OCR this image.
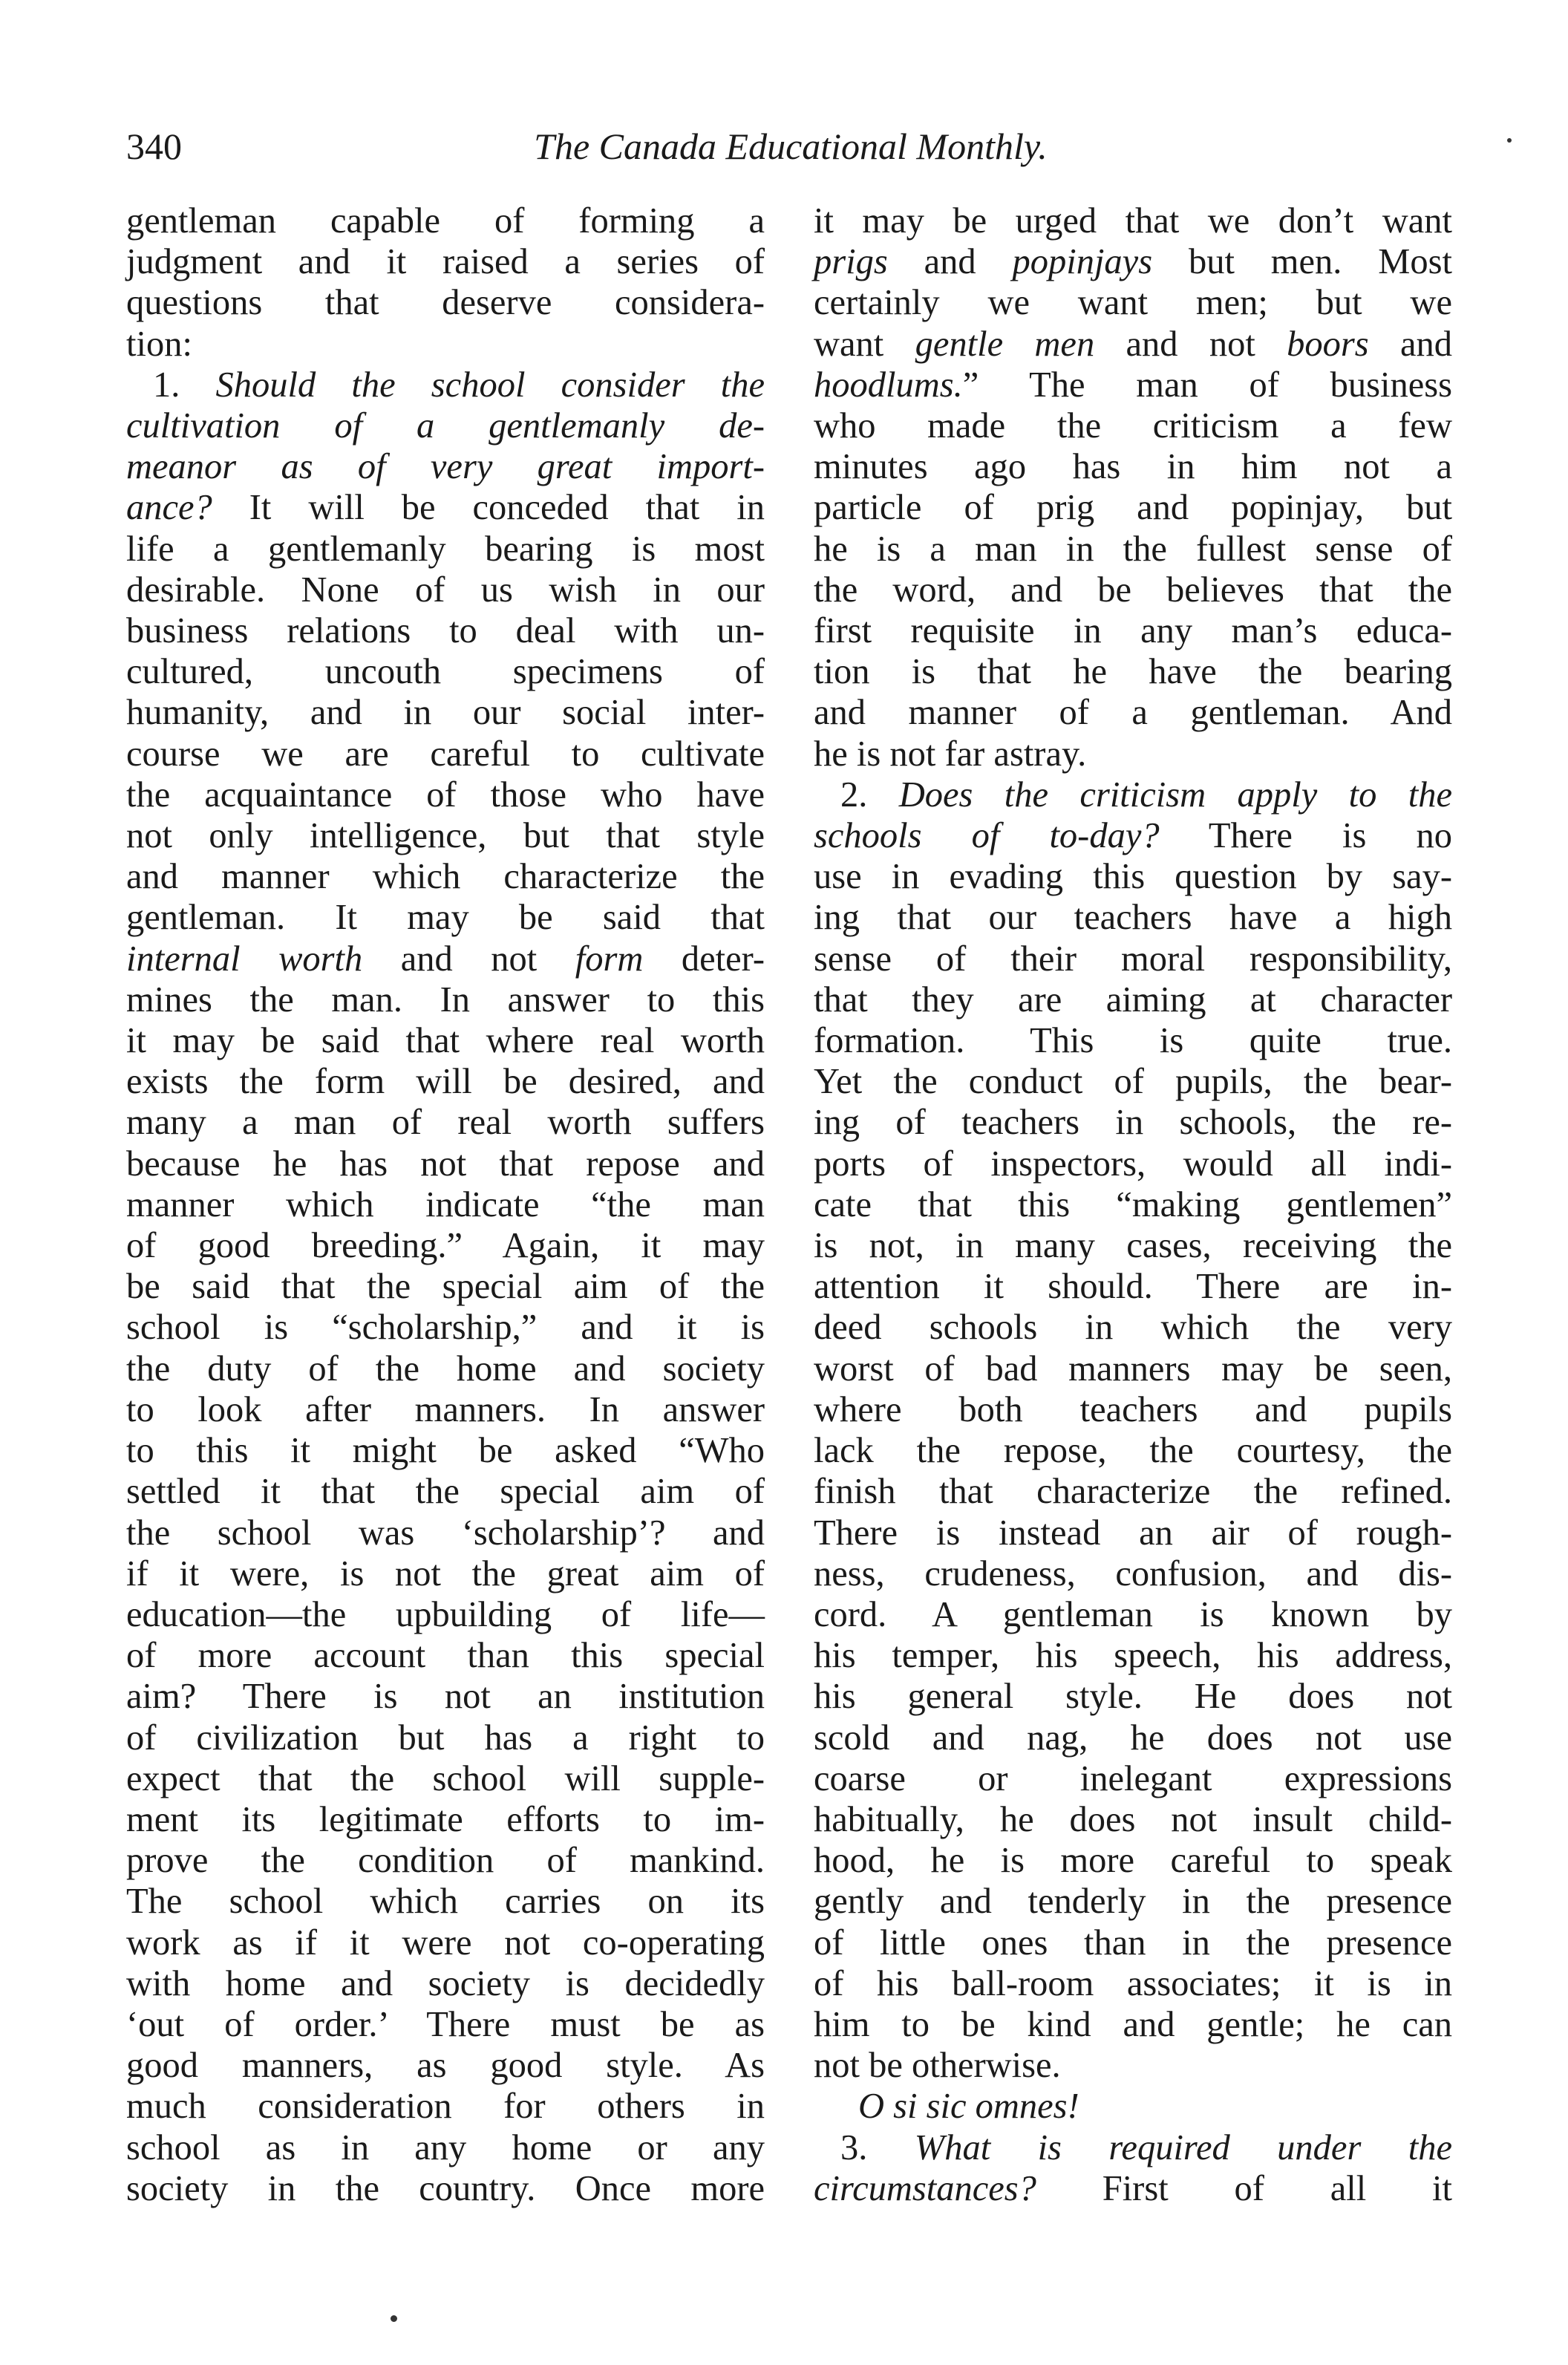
340	The Canada Educational Monthly.
gentleman capable of forming a
judgment and it raised a series of
questions that deserve considera-
tion:
1. Should the school consider the
cultivation of a gentlemanly de-
meanor as of very great import-
ance? It will be conceded that in
life a gentlemanly bearing is most
desirable. None of us wish in our
business relations to deal with un-
cultured, uncouth specimens of
humanity, and in our social inter-
course we are careful to cultivate
the acquaintance of those who have
not only intelligence, but that style
and manner which characterize the
gentleman. It may be said that
internal worth and not form deter-
mines the man. In answer to this
it may be said that where real worth
exists the form will be desired, and
many a man of real worth suffers
because he has not that repose and
manner which indicate “the man
of good breeding.” Again, it may
be said that the special aim of the
school is “scholarship,” and it is
the duty of the home and society
to look after manners. In answer
to this it might be asked “Who
settled it that the special aim of
the school was ‘scholarship’? and
if it were, is not the great aim of
education—the upbuilding of life—
of more account than this special
aim? There is not an institution
of civilization but has a right to
expect that the school will supple-
ment its legitimate efforts to im-
prove the condition of mankind.
The school which carries on its
work as if it were not co-operating
with home and society is decidedly
‘out of order.’ There must be as
good manners, as good style. As
much consideration for others in
school as in any home or any
society in the country. Once more
it may be urged that we don’t want
prigs and popinjays but men. Most
certainly we want men; but we
want gentle men and not boors and
hoodlums.” The man of business
who made the criticism a few
minutes ago has in him not a
particle of prig and popinjay, but
he is a man in the fullest sense of
the word, and be believes that the
first requisite in any man’s educa-
tion is that he have the bearing
and manner of a gentleman. And
he is not far astray.
2. Does the criticism apply to the
schools of to-day? There is no
use in evading this question by say-
ing that our teachers have a high
sense of their moral responsibility,
that they are aiming at character
formation. This is quite true.
Yet the conduct of pupils, the bear-
ing of teachers in schools, the re-
ports of inspectors, would all indi-
cate that this “making gentlemen”
is not, in many cases, receiving the
attention it should. There are in-
deed schools in which the very
worst of bad manners may be seen,
where both teachers and pupils
lack the repose, the courtesy, the
finish that characterize the refined.
There is instead an air of rough-
ness, crudeness, confusion, and dis-
cord. A gentleman is known by
his temper, his speech, his address,
his general style. He does not
scold and nag, he does not use
coarse or inelegant expressions
habitually, he does not insult child-
hood, he is more careful to speak
gently and tenderly in the presence
of little ones than in the presence
of his ball-room associates; it is in
him to be kind and gentle; he can
not be otherwise.
O si sic omnes!
3. What is required under the
circumstances? First of all it
